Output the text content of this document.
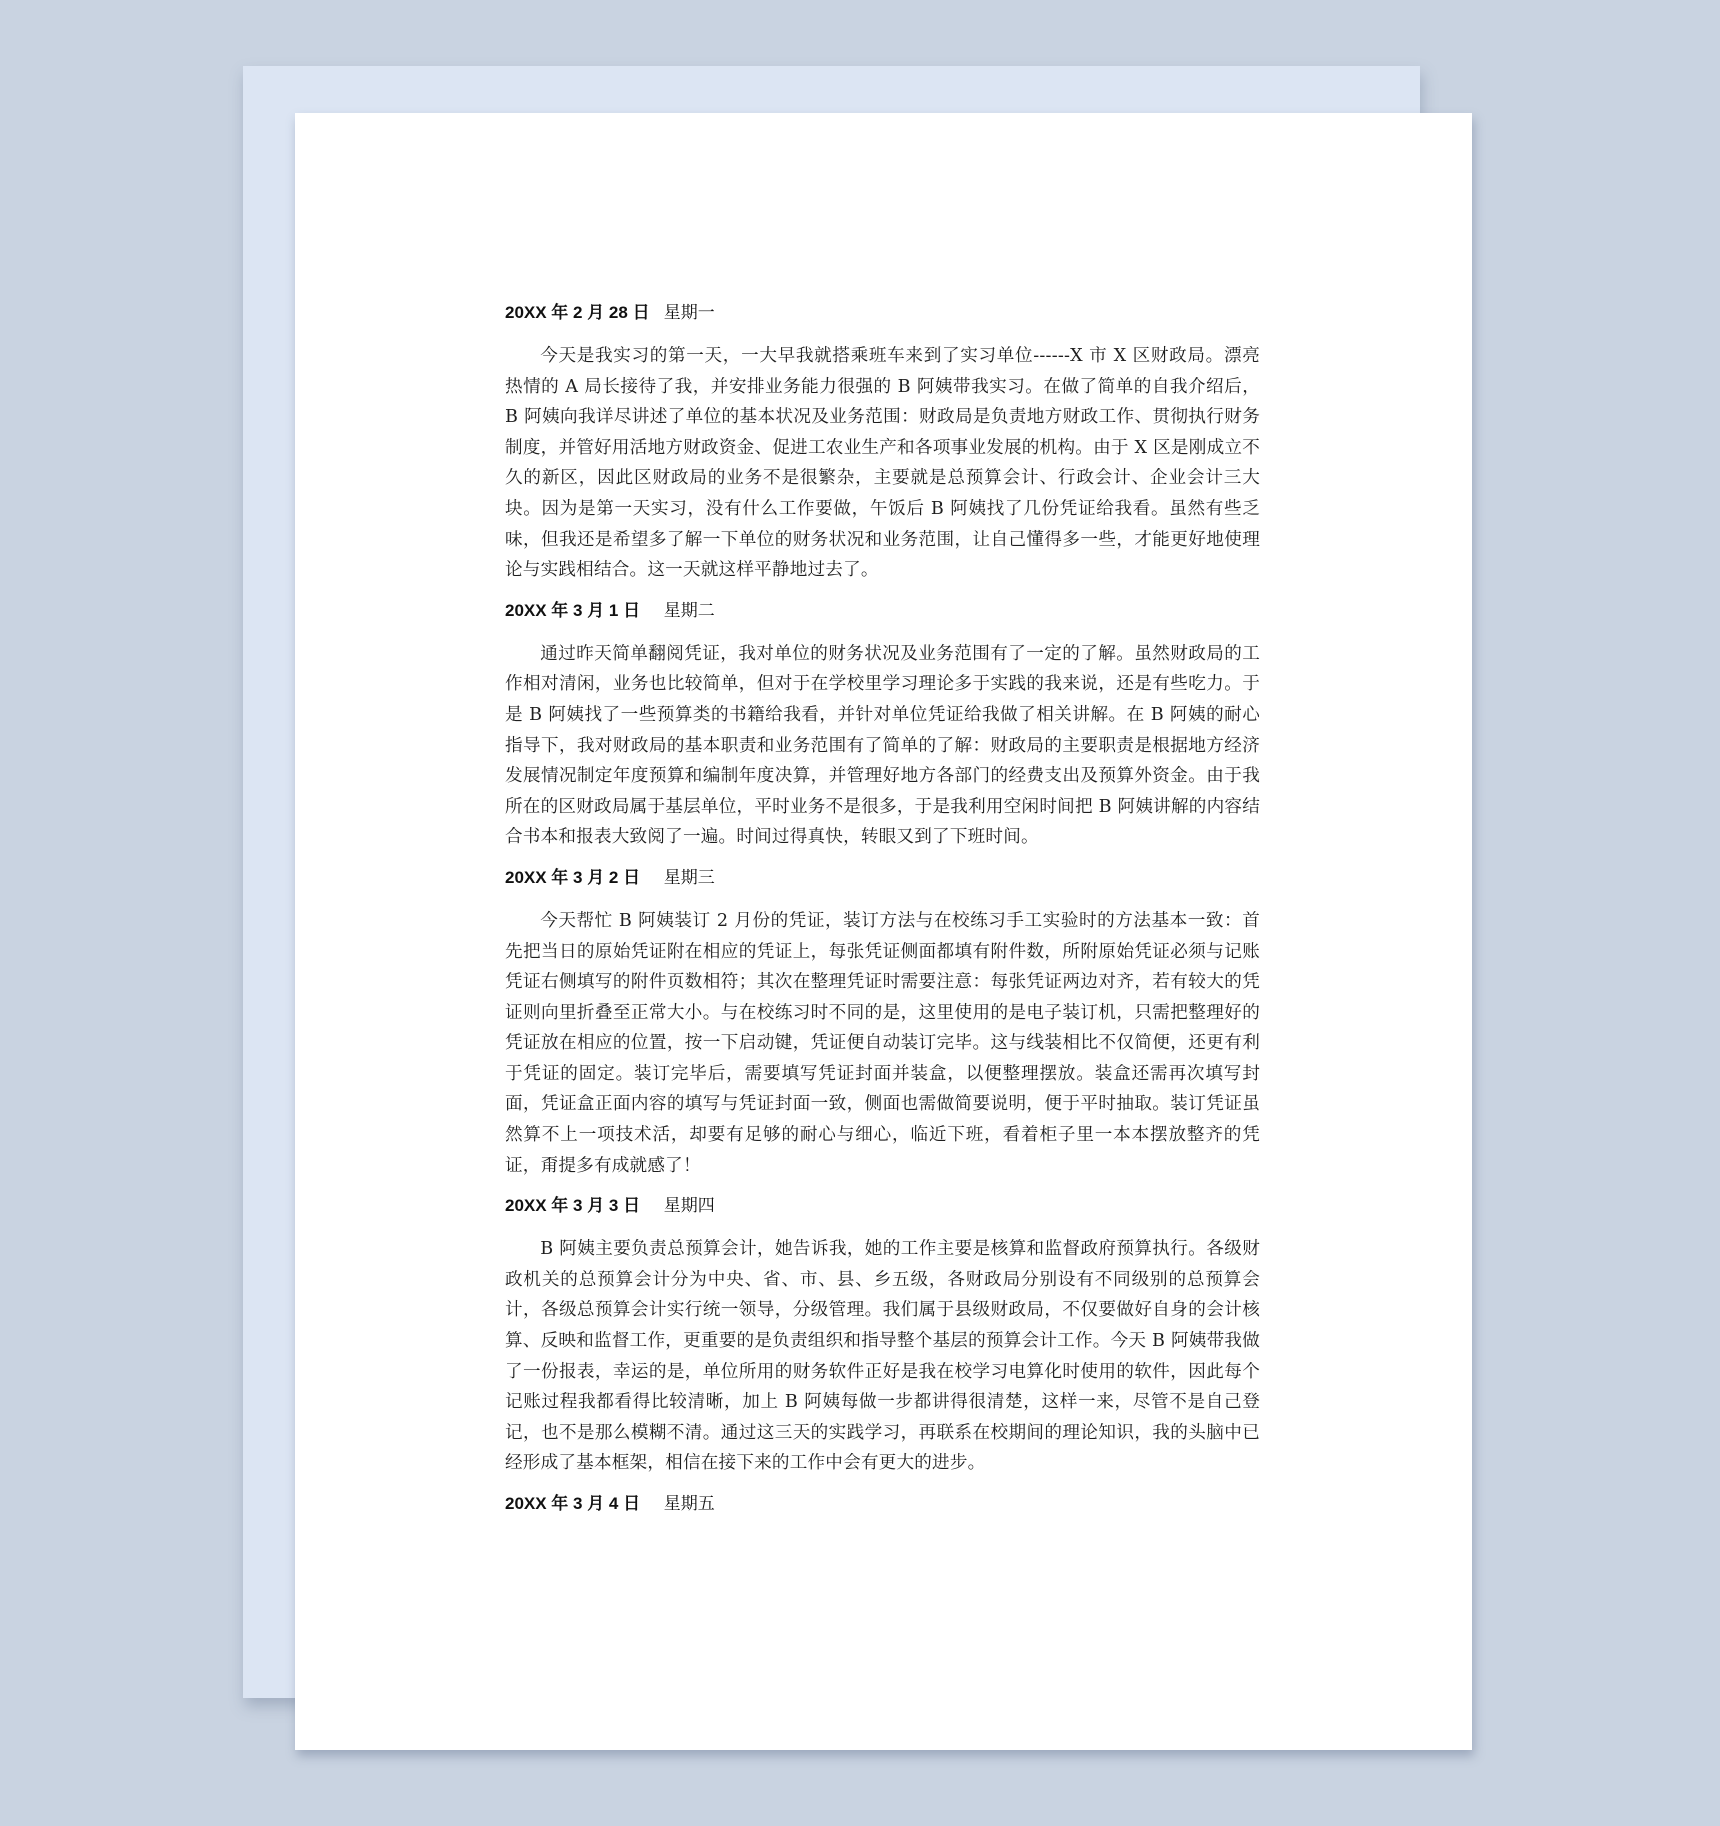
20XX 年 2 月 28 日 星期一

今天是我实习的第一天，一大早我就搭乘班车来到了实习单位------X 市 X 区财政局。漂亮热情的 A 局长接待了我，并安排业务能力很强的 B 阿姨带我实习。在做了简单的自我介绍后，B 阿姨向我详尽讲述了单位的基本状况及业务范围：财政局是负责地方财政工作、贯彻执行财务制度，并管好用活地方财政资金、促进工农业生产和各项事业发展的机构。由于 X 区是刚成立不久的新区，因此区财政局的业务不是很繁杂，主要就是总预算会计、行政会计、企业会计三大块。因为是第一天实习，没有什么工作要做，午饭后 B 阿姨找了几份凭证给我看。虽然有些乏味，但我还是希望多了解一下单位的财务状况和业务范围，让自己懂得多一些，才能更好地使理论与实践相结合。这一天就这样平静地过去了。

20XX 年 3 月 1 日 星期二

通过昨天简单翻阅凭证，我对单位的财务状况及业务范围有了一定的了解。虽然财政局的工作相对清闲，业务也比较简单，但对于在学校里学习理论多于实践的我来说，还是有些吃力。于是 B 阿姨找了一些预算类的书籍给我看，并针对单位凭证给我做了相关讲解。在 B 阿姨的耐心指导下，我对财政局的基本职责和业务范围有了简单的了解：财政局的主要职责是根据地方经济发展情况制定年度预算和编制年度决算，并管理好地方各部门的经费支出及预算外资金。由于我所在的区财政局属于基层单位，平时业务不是很多，于是我利用空闲时间把 B 阿姨讲解的内容结合书本和报表大致阅了一遍。时间过得真快，转眼又到了下班时间。

20XX 年 3 月 2 日 星期三

今天帮忙 B 阿姨装订 2 月份的凭证，装订方法与在校练习手工实验时的方法基本一致：首先把当日的原始凭证附在相应的凭证上，每张凭证侧面都填有附件数，所附原始凭证必须与记账凭证右侧填写的附件页数相符；其次在整理凭证时需要注意：每张凭证两边对齐，若有较大的凭证则向里折叠至正常大小。与在校练习时不同的是，这里使用的是电子装订机，只需把整理好的凭证放在相应的位置，按一下启动键，凭证便自动装订完毕。这与线装相比不仅简便，还更有利于凭证的固定。装订完毕后，需要填写凭证封面并装盒，以便整理摆放。装盒还需再次填写封面，凭证盒正面内容的填写与凭证封面一致，侧面也需做简要说明，便于平时抽取。装订凭证虽然算不上一项技术活，却要有足够的耐心与细心，临近下班，看着柜子里一本本摆放整齐的凭证，甭提多有成就感了！

20XX 年 3 月 3 日 星期四

B 阿姨主要负责总预算会计，她告诉我，她的工作主要是核算和监督政府预算执行。各级财政机关的总预算会计分为中央、省、市、县、乡五级，各财政局分别设有不同级别的总预算会计，各级总预算会计实行统一领导，分级管理。我们属于县级财政局，不仅要做好自身的会计核算、反映和监督工作，更重要的是负责组织和指导整个基层的预算会计工作。今天 B 阿姨带我做了一份报表，幸运的是，单位所用的财务软件正好是我在校学习电算化时使用的软件，因此每个记账过程我都看得比较清晰，加上 B 阿姨每做一步都讲得很清楚，这样一来，尽管不是自己登记，也不是那么模糊不清。通过这三天的实践学习，再联系在校期间的理论知识，我的头脑中已经形成了基本框架，相信在接下来的工作中会有更大的进步。

20XX 年 3 月 4 日 星期五
